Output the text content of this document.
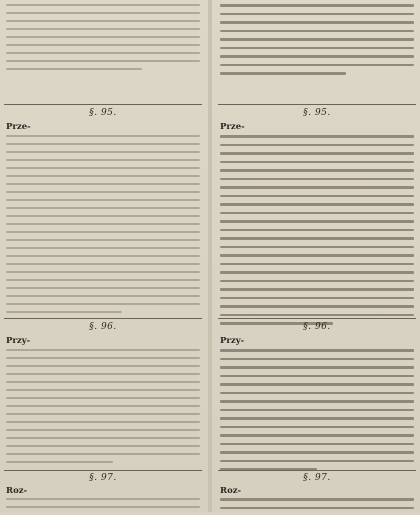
§. 95.
Prze-
§. 96.
Przy-
§. 97.
Roz-
§. 95.
Prze-
§. 96.
Przy-
§. 97.
Roz-
